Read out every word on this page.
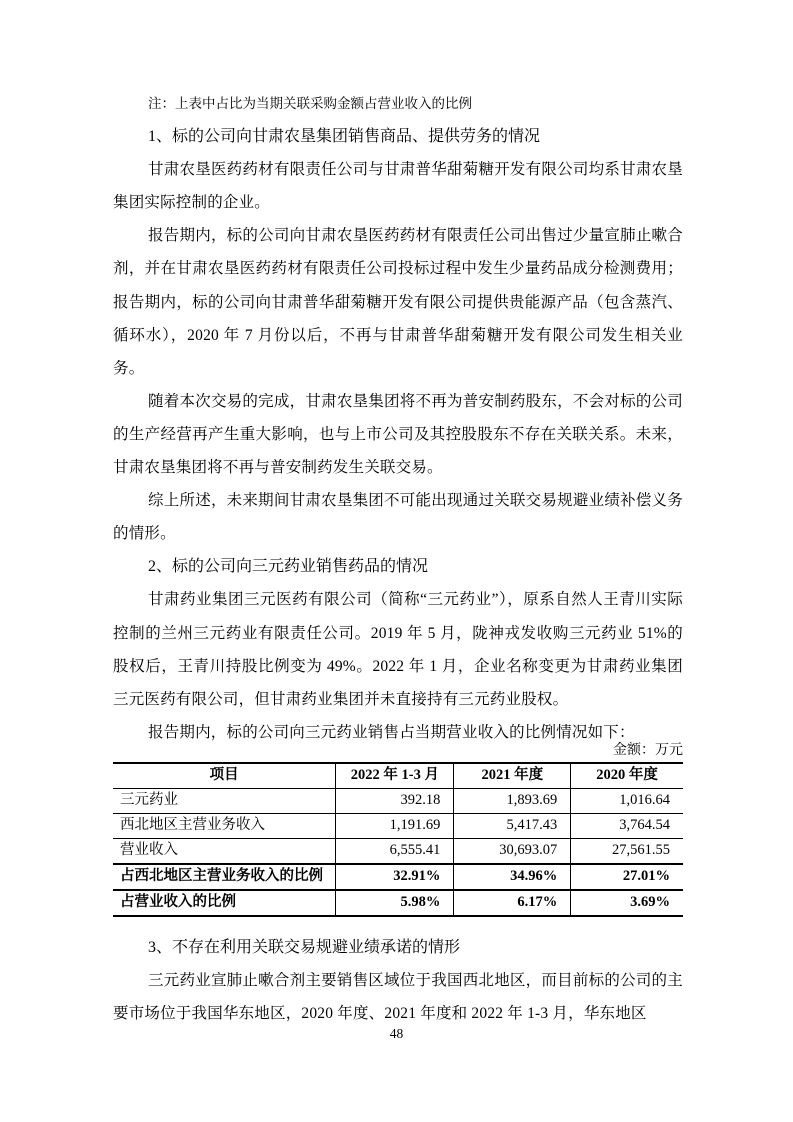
注：上表中占比为当期关联采购金额占营业收入的比例
1、标的公司向甘肃农垦集团销售商品、提供劳务的情况

甘肃农垦医药药材有限责任公司与甘肃普华甜菊糖开发有限公司均系甘肃农垦集团实际控制的企业。

报告期内，标的公司向甘肃农垦医药药材有限责任公司出售过少量宣肺止嗽合剂，并在甘肃农垦医药药材有限责任公司投标过程中发生少量药品成分检测费用；报告期内，标的公司向甘肃普华甜菊糖开发有限公司提供贵能源产品（包含蒸汽、循环水），2020 年 7 月份以后，不再与甘肃普华甜菊糖开发有限公司发生相关业务。

随着本次交易的完成，甘肃农垦集团将不再为普安制药股东，不会对标的公司的生产经营再产生重大影响，也与上市公司及其控股股东不存在关联关系。未来，甘肃农垦集团将不再与普安制药发生关联交易。

综上所述，未来期间甘肃农垦集团不可能出现通过关联交易规避业绩补偿义务的情形。

2、标的公司向三元药业销售药品的情况

甘肃药业集团三元医药有限公司（简称“三元药业”），原系自然人王青川实际控制的兰州三元药业有限责任公司。2019 年 5 月，陇神戎发收购三元药业 51%的股权后，王青川持股比例变为 49%。2022 年 1 月，企业名称变更为甘肃药业集团三元医药有限公司，但甘肃药业集团并未直接持有三元药业股权。

报告期内，标的公司向三元药业销售占当期营业收入的比例情况如下：

金额：万元
项目	2022 年 1-3 月	2021 年度	2020 年度
三元药业	392.18	1,893.69	1,016.64
西北地区主营业务收入	1,191.69	5,417.43	3,764.54
营业收入	6,555.41	30,693.07	27,561.55
占西北地区主营业务收入的比例	32.91%	34.96%	27.01%
占营业收入的比例	5.98%	6.17%	3.69%
3、不存在利用关联交易规避业绩承诺的情形

三元药业宣肺止嗽合剂主要销售区域位于我国西北地区，而目前标的公司的主要市场位于我国华东地区，2020 年度、2021 年度和 2022 年 1-3 月，华东地区

48
